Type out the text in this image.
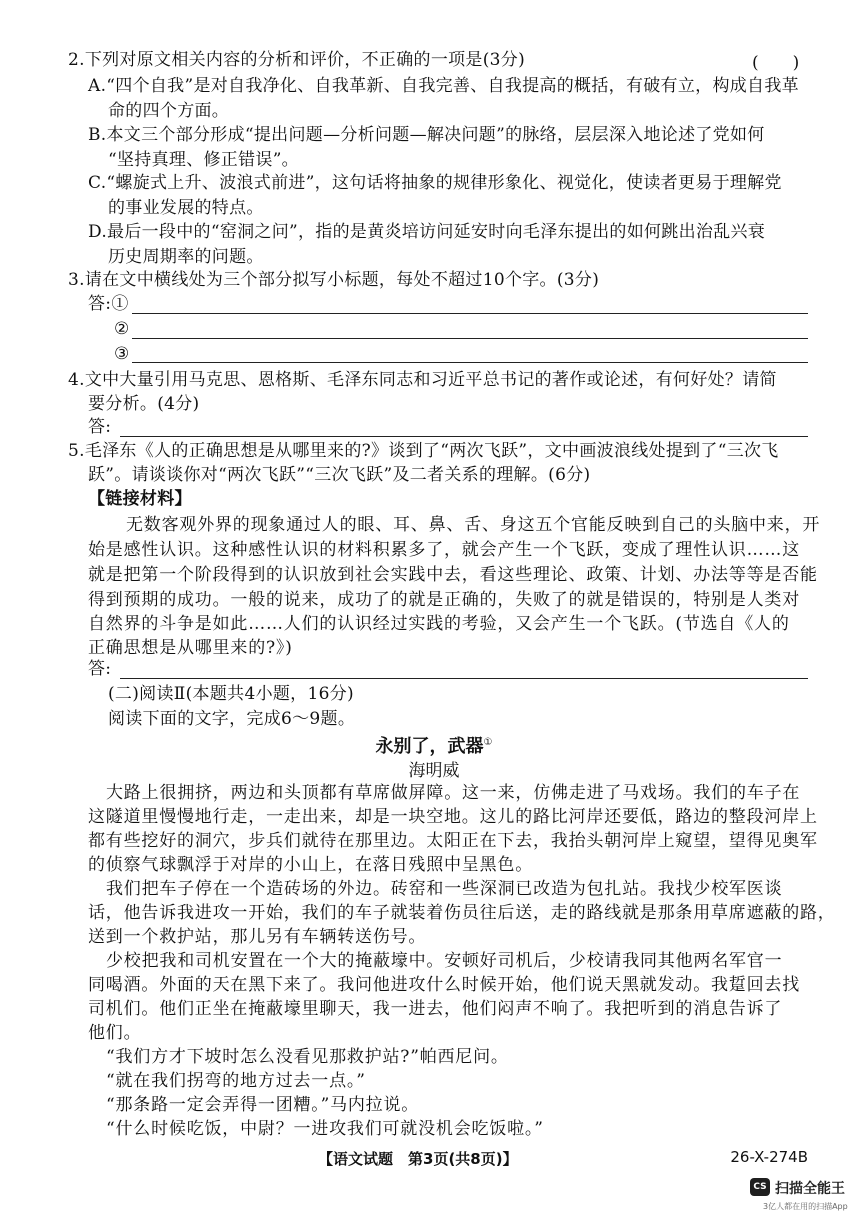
2.下列对原文相关内容的分析和评价，不正确的一项是(3分)	(　　)
A.“四个自我”是对自我净化、自我革新、自我完善、自我提高的概括，有破有立，构成自我革
命的四个方面。
B.本文三个部分形成“提出问题—分析问题—解决问题”的脉络，层层深入地论述了党如何
“坚持真理、修正错误”。
C.“螺旋式上升、波浪式前进”，这句话将抽象的规律形象化、视觉化，使读者更易于理解党
的事业发展的特点。
D.最后一段中的“窑洞之问”，指的是黄炎培访问延安时向毛泽东提出的如何跳出治乱兴衰
历史周期率的问题。
3.请在文中横线处为三个部分拟写小标题，每处不超过10个字。(3分)
答:①
②
③
4.文中大量引用马克思、恩格斯、毛泽东同志和习近平总书记的著作或论述，有何好处？请简
要分析。(4分)
答:
5.毛泽东《人的正确思想是从哪里来的?》谈到了“两次飞跃”，文中画波浪线处提到了“三次飞
跃”。请谈谈你对“两次飞跃”“三次飞跃”及二者关系的理解。(6分)
【链接材料】
无数客观外界的现象通过人的眼、耳、鼻、舌、身这五个官能反映到自己的头脑中来，开
始是感性认识。这种感性认识的材料积累多了，就会产生一个飞跃，变成了理性认识……这
就是把第一个阶段得到的认识放到社会实践中去，看这些理论、政策、计划、办法等等是否能
得到预期的成功。一般的说来，成功了的就是正确的，失败了的就是错误的，特别是人类对
自然界的斗争是如此……人们的认识经过实践的考验，又会产生一个飞跃。(节选自《人的
正确思想是从哪里来的?》)
答:
(二)阅读Ⅱ(本题共4小题，16分)
阅读下面的文字，完成6～9题。
永别了，武器①
海明威
大路上很拥挤，两边和头顶都有草席做屏障。这一来，仿佛走进了马戏场。我们的车子在
这隧道里慢慢地行走，一走出来，却是一块空地。这儿的路比河岸还要低，路边的整段河岸上
都有些挖好的洞穴，步兵们就待在那里边。太阳正在下去，我抬头朝河岸上窥望，望得见奥军
的侦察气球飘浮于对岸的小山上，在落日残照中呈黑色。
我们把车子停在一个造砖场的外边。砖窑和一些深洞已改造为包扎站。我找少校军医谈
话，他告诉我进攻一开始，我们的车子就装着伤员往后送，走的路线就是那条用草席遮蔽的路，
送到一个救护站，那儿另有车辆转送伤号。
少校把我和司机安置在一个大的掩蔽壕中。安顿好司机后，少校请我同其他两名军官一
同喝酒。外面的天在黑下来了。我问他进攻什么时候开始，他们说天黑就发动。我踅回去找
司机们。他们正坐在掩蔽壕里聊天，我一进去，他们闷声不响了。我把听到的消息告诉了
他们。
“我们方才下坡时怎么没看见那救护站?”帕西尼问。
“就在我们拐弯的地方过去一点。”
“那条路一定会弄得一团糟。”马内拉说。
“什么时候吃饭，中尉？一进攻我们可就没机会吃饭啦。”
【语文试题　第3页(共8页)】	26-X-274B
CS 扫描全能王
3亿人都在用的扫描App
